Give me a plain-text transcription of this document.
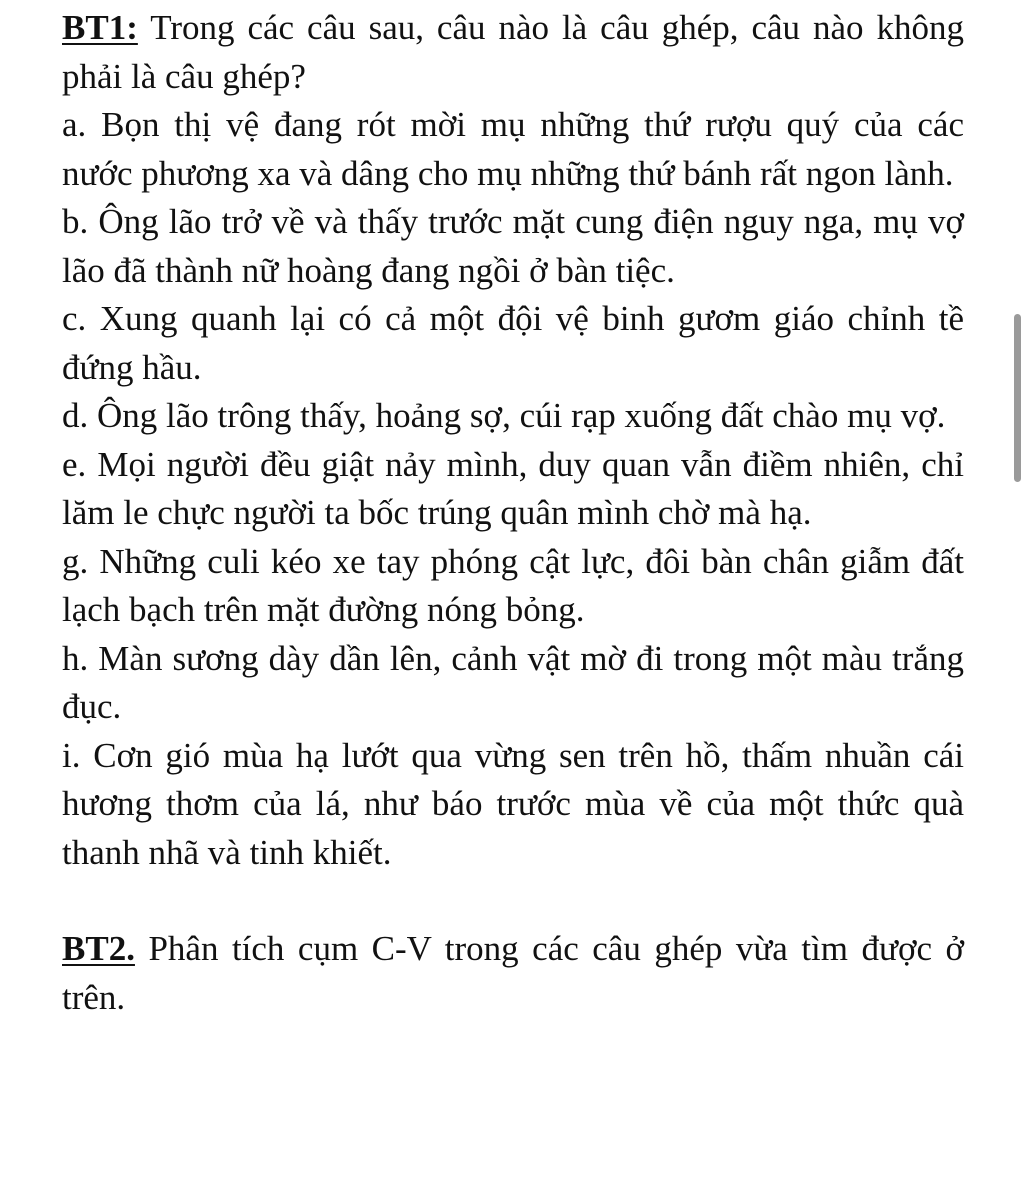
BT1: Trong các câu sau, câu nào là câu ghép, câu nào không phải là câu ghép?

a. Bọn thị vệ đang rót mời mụ những thứ rượu quý của các nước phương xa và dâng cho mụ những thứ bánh rất ngon lành.

b. Ông lão trở về và thấy trước mặt cung điện nguy nga, mụ vợ lão đã thành nữ hoàng đang ngồi ở bàn tiệc.

c. Xung quanh lại có cả một đội vệ binh gươm giáo chỉnh tề đứng hầu.

d. Ông lão trông thấy, hoảng sợ, cúi rạp xuống đất chào mụ vợ.

e. Mọi người đều giật nảy mình, duy quan vẫn điềm nhiên, chỉ lăm le chực người ta bốc trúng quân mình chờ mà hạ.

g. Những culi kéo xe tay phóng cật lực, đôi bàn chân giẫm đất lạch bạch trên mặt đường nóng bỏng.

h. Màn sương dày dần lên, cảnh vật mờ đi trong một màu trắng đục.

i. Cơn gió mùa hạ lướt qua vừng sen trên hồ, thấm nhuần cái hương thơm của lá, như báo trước mùa về của một thức quà thanh nhã và tinh khiết.

BT2. Phân tích cụm C-V trong các câu ghép vừa tìm được ở trên.
